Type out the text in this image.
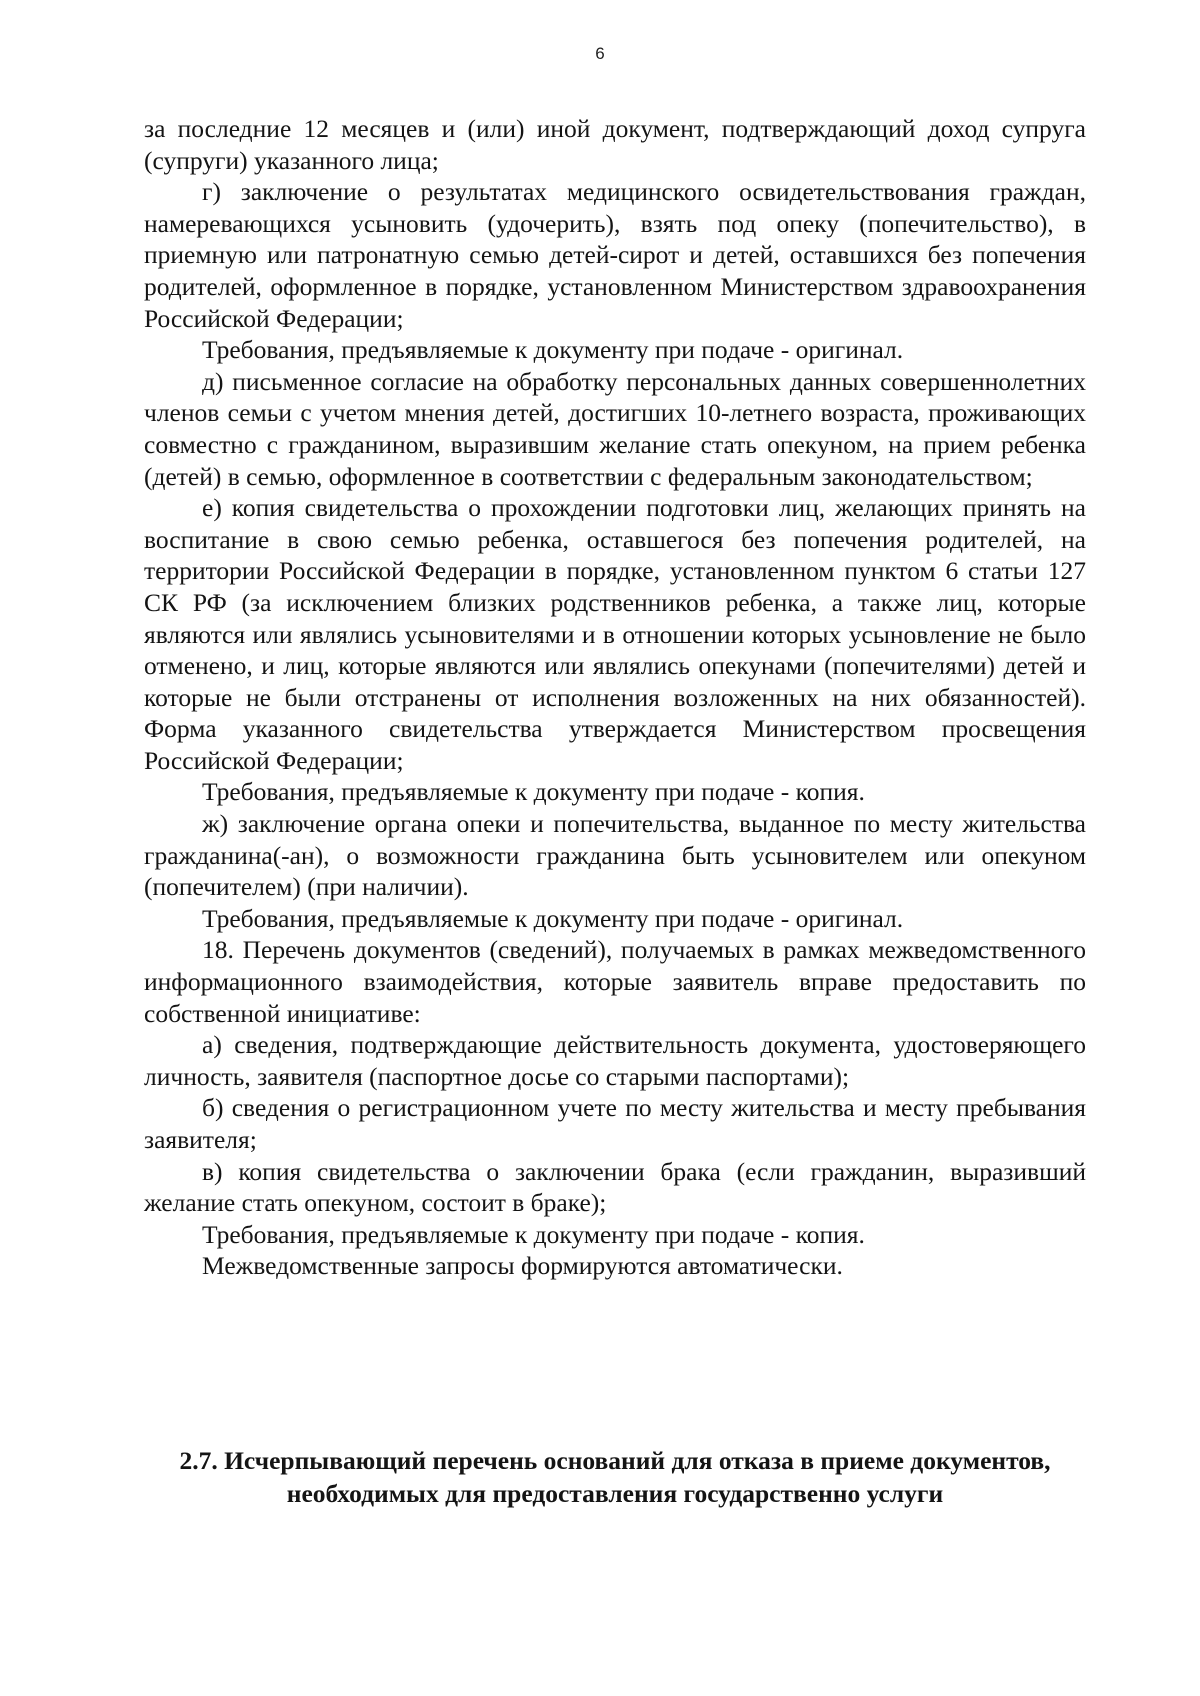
6

за последние 12 месяцев и (или) иной документ, подтверждающий доход супруга (супруги) указанного лица;

г) заключение о результатах медицинского освидетельствования граждан, намеревающихся усыновить (удочерить), взять под опеку (попечительство), в приемную или патронатную семью детей-сирот и детей, оставшихся без попечения родителей, оформленное в порядке, установленном Министерством здравоохранения Российской Федерации;

Требования, предъявляемые к документу при подаче - оригинал.

д) письменное согласие на обработку персональных данных совершеннолетних членов семьи с учетом мнения детей, достигших 10-летнего возраста, проживающих совместно с гражданином, выразившим желание стать опекуном, на прием ребенка (детей) в семью, оформленное в соответствии с федеральным законодательством;

е) копия свидетельства о прохождении подготовки лиц, желающих принять на воспитание в свою семью ребенка, оставшегося без попечения родителей, на территории Российской Федерации в порядке, установленном пунктом 6 статьи 127 СК РФ (за исключением близких родственников ребенка, а также лиц, которые являются или являлись усыновителями и в отношении которых усыновление не было отменено, и лиц, которые являются или являлись опекунами (попечителями) детей и которые не были отстранены от исполнения возложенных на них обязанностей). Форма указанного свидетельства утверждается Министерством просвещения Российской Федерации;

Требования, предъявляемые к документу при подаче - копия.

ж) заключение органа опеки и попечительства, выданное по месту жительства гражданина(-ан), о возможности гражданина быть усыновителем или опекуном (попечителем) (при наличии).

Требования, предъявляемые к документу при подаче - оригинал.

18. Перечень документов (сведений), получаемых в рамках межведомственного информационного взаимодействия, которые заявитель вправе предоставить по собственной инициативе:

а) сведения, подтверждающие действительность документа, удостоверяющего личность, заявителя (паспортное досье со старыми паспортами);

б) сведения о регистрационном учете по месту жительства и месту пребывания заявителя;

в) копия свидетельства о заключении брака (если гражданин, выразивший желание стать опекуном, состоит в браке);

Требования, предъявляемые к документу при подаче - копия.

Межведомственные запросы формируются автоматически.

2.7. Исчерпывающий перечень оснований для отказа в приеме документов, необходимых для предоставления государственно услуги
